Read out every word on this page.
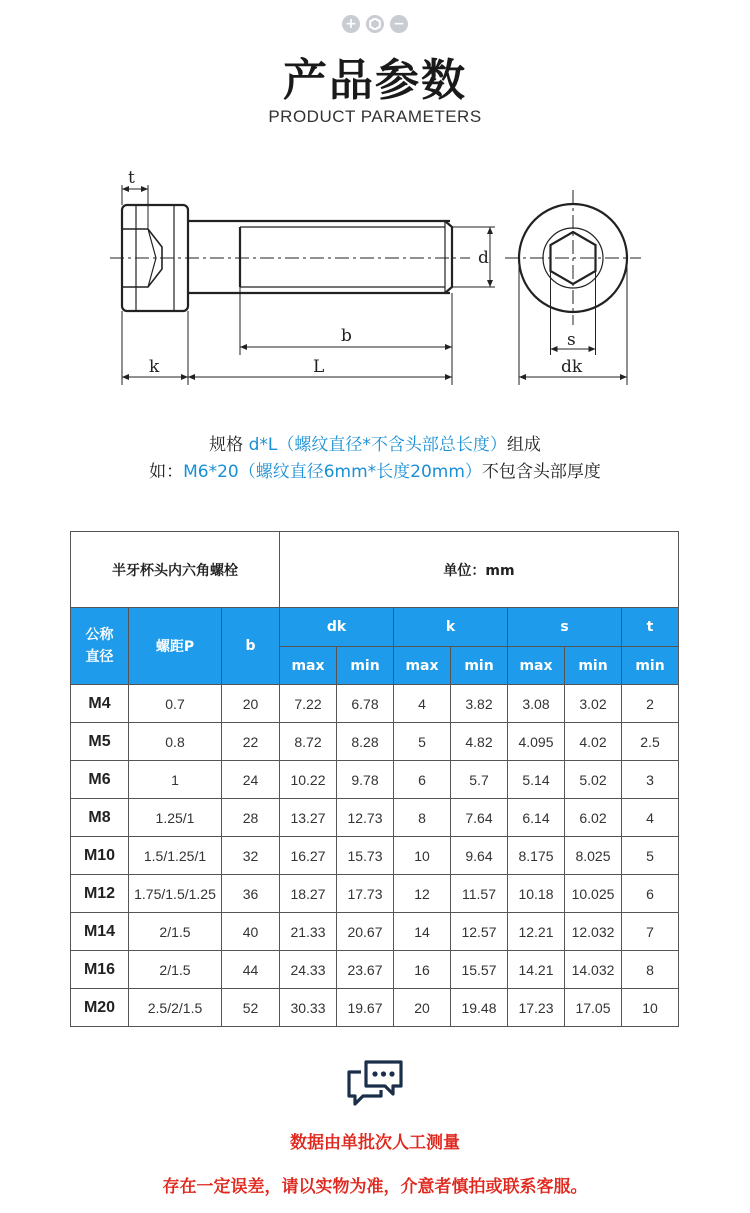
+	−
产品参数
PRODUCT PARAMETERS
t
d
b
k	L
s
dk
规格 d*L（螺纹直径*不含头部总长度）组成
如：M6*20（螺纹直径6mm*长度20mm）不包含头部厚度
半牙杯头内六角螺栓			单位：mm						
公称
直径	螺距P	b	dk		k		s		t
			max	min	max	min	max	min	min
M4	0.7	20	7.22	6.78	4	3.82	3.08	3.02	2
M5	0.8	22	8.72	8.28	5	4.82	4.095	4.02	2.5
M6	1	24	10.22	9.78	6	5.7	5.14	5.02	3
M8	1.25/1	28	13.27	12.73	8	7.64	6.14	6.02	4
M10	1.5/1.25/1	32	16.27	15.73	10	9.64	8.175	8.025	5
M12	1.75/1.5/1.25	36	18.27	17.73	12	11.57	10.18	10.025	6
M14	2/1.5	40	21.33	20.67	14	12.57	12.21	12.032	7
M16	2/1.5	44	24.33	23.67	16	15.57	14.21	14.032	8
M20	2.5/2/1.5	52	30.33	19.67	20	19.48	17.23	17.05	10
数据由单批次人工测量
存在一定误差，请以实物为准，介意者慎拍或联系客服。
